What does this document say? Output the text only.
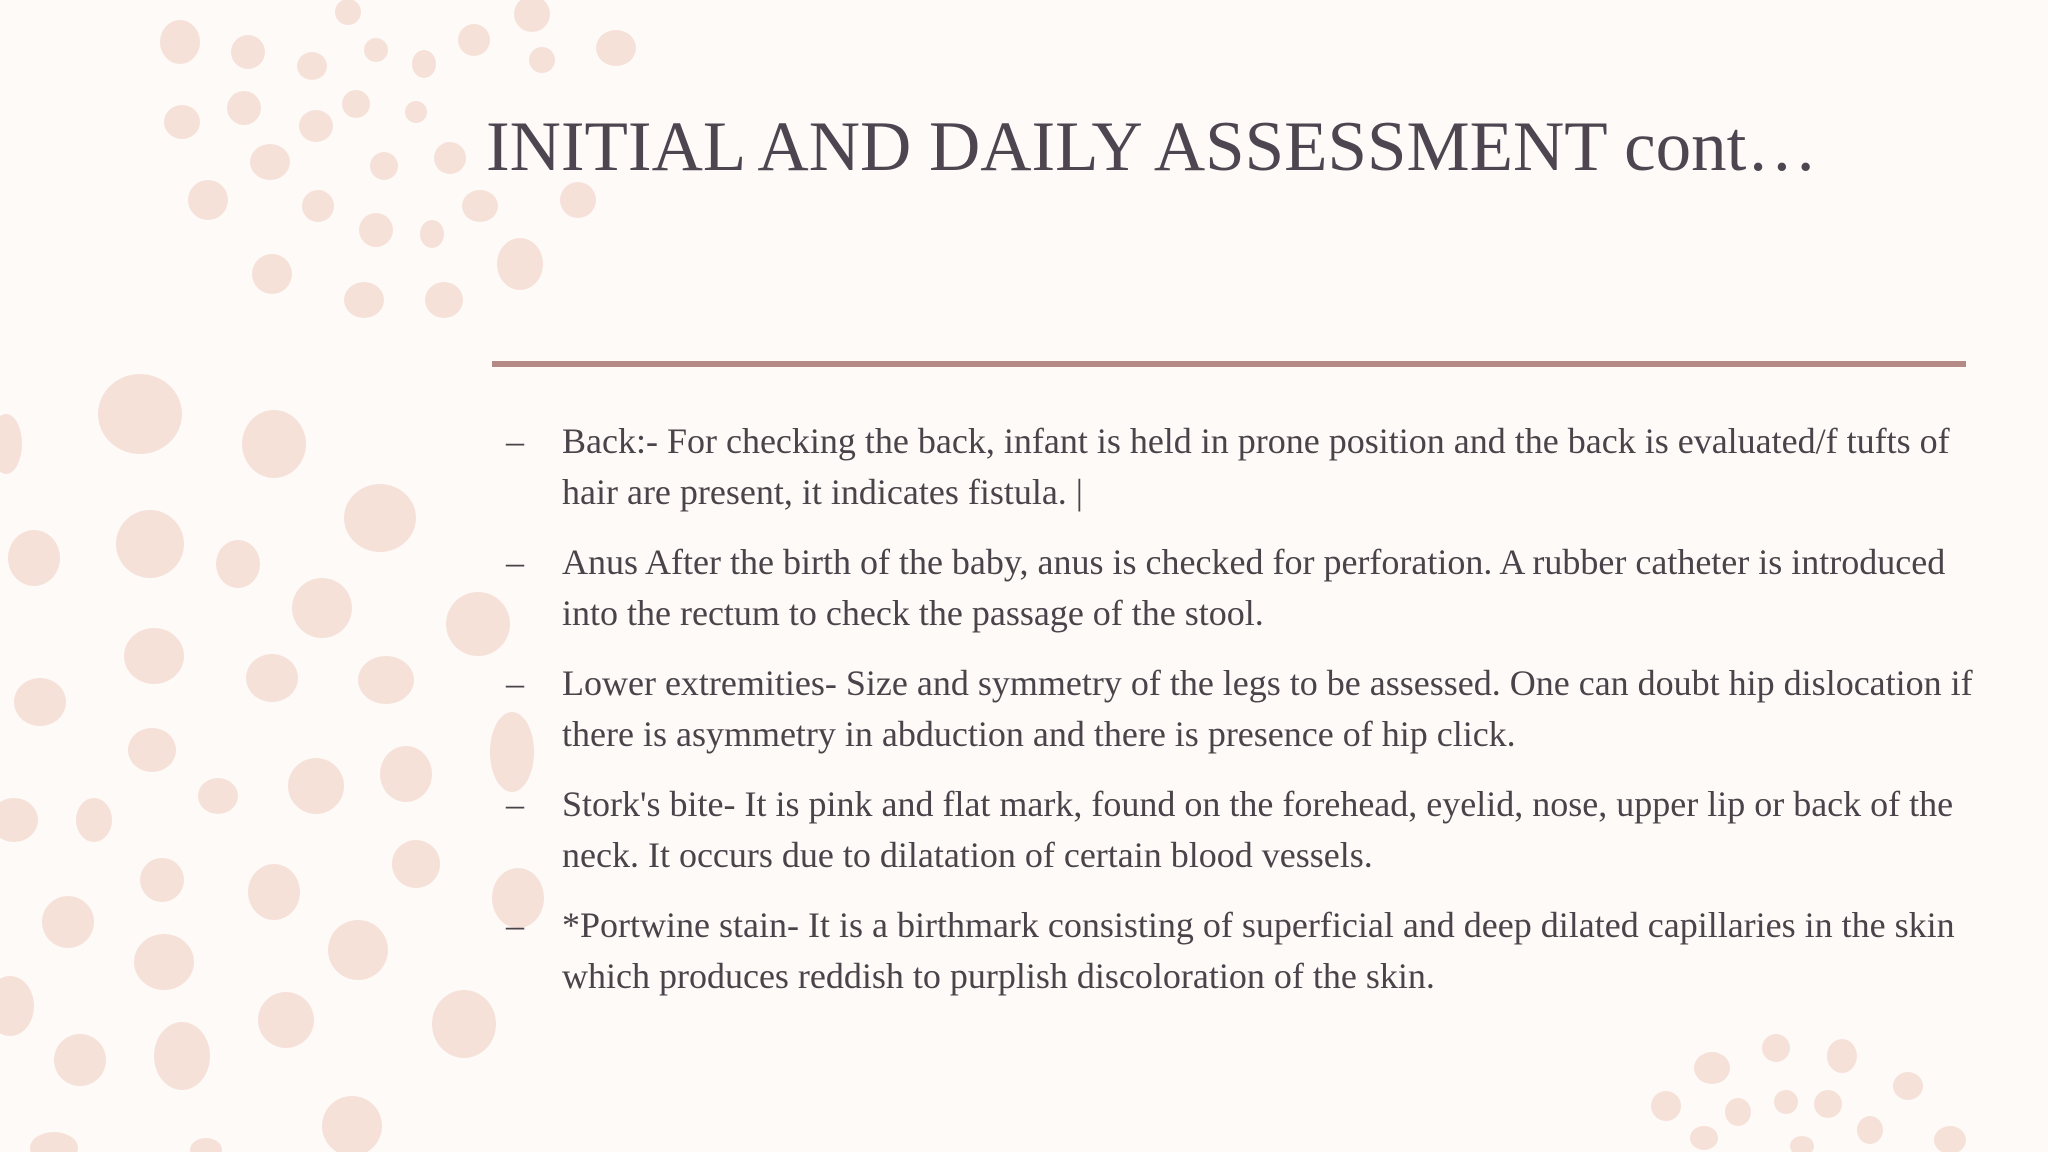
INITIAL AND DAILY ASSESSMENT cont…
– Back:- For checking the back, infant is held in prone position and the back is evaluated/f tufts of hair are present, it indicates fistula. |
– Anus After the birth of the baby, anus is checked for perforation. A rubber catheter is introduced into the rectum to check the passage of the stool.
– Lower extremities- Size and symmetry of the legs to be assessed. One can doubt hip dislocation if there is asymmetry in abduction and there is presence of hip click.
– Stork's bite- It is pink and flat mark, found on the forehead, eyelid, nose, upper lip or back of the neck. It occurs due to dilatation of certain blood vessels.
– *Portwine stain- It is a birthmark consisting of superficial and deep dilated capillaries in the skin which produces reddish to purplish discoloration of the skin.
